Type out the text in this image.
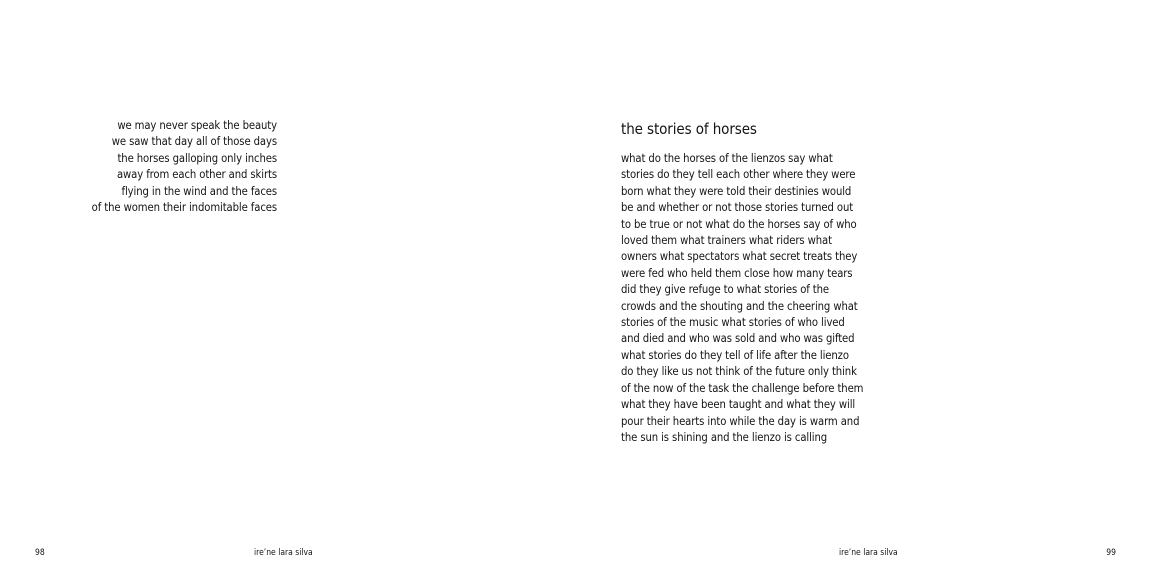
we may never speak the beauty
we saw that day all of those days
the horses galloping only inches
away from each other and skirts
flying in the wind and the faces
of the women their indomitable faces
98	ire’ne lara silva
the stories of horses
what do the horses of the lienzos say what
stories do they tell each other where they were
born what they were told their destinies would
be and whether or not those stories turned out
to be true or not what do the horses say of who
loved them what trainers what riders what
owners what spectators what secret treats they
were fed who held them close how many tears
did they give refuge to what stories of the
crowds and the shouting and the cheering what
stories of the music what stories of who lived
and died and who was sold and who was gifted
what stories do they tell of life after the lienzo
do they like us not think of the future only think
of the now of the task the challenge before them
what they have been taught and what they will
pour their hearts into while the day is warm and
the sun is shining and the lienzo is calling
ire’ne lara silva	99
